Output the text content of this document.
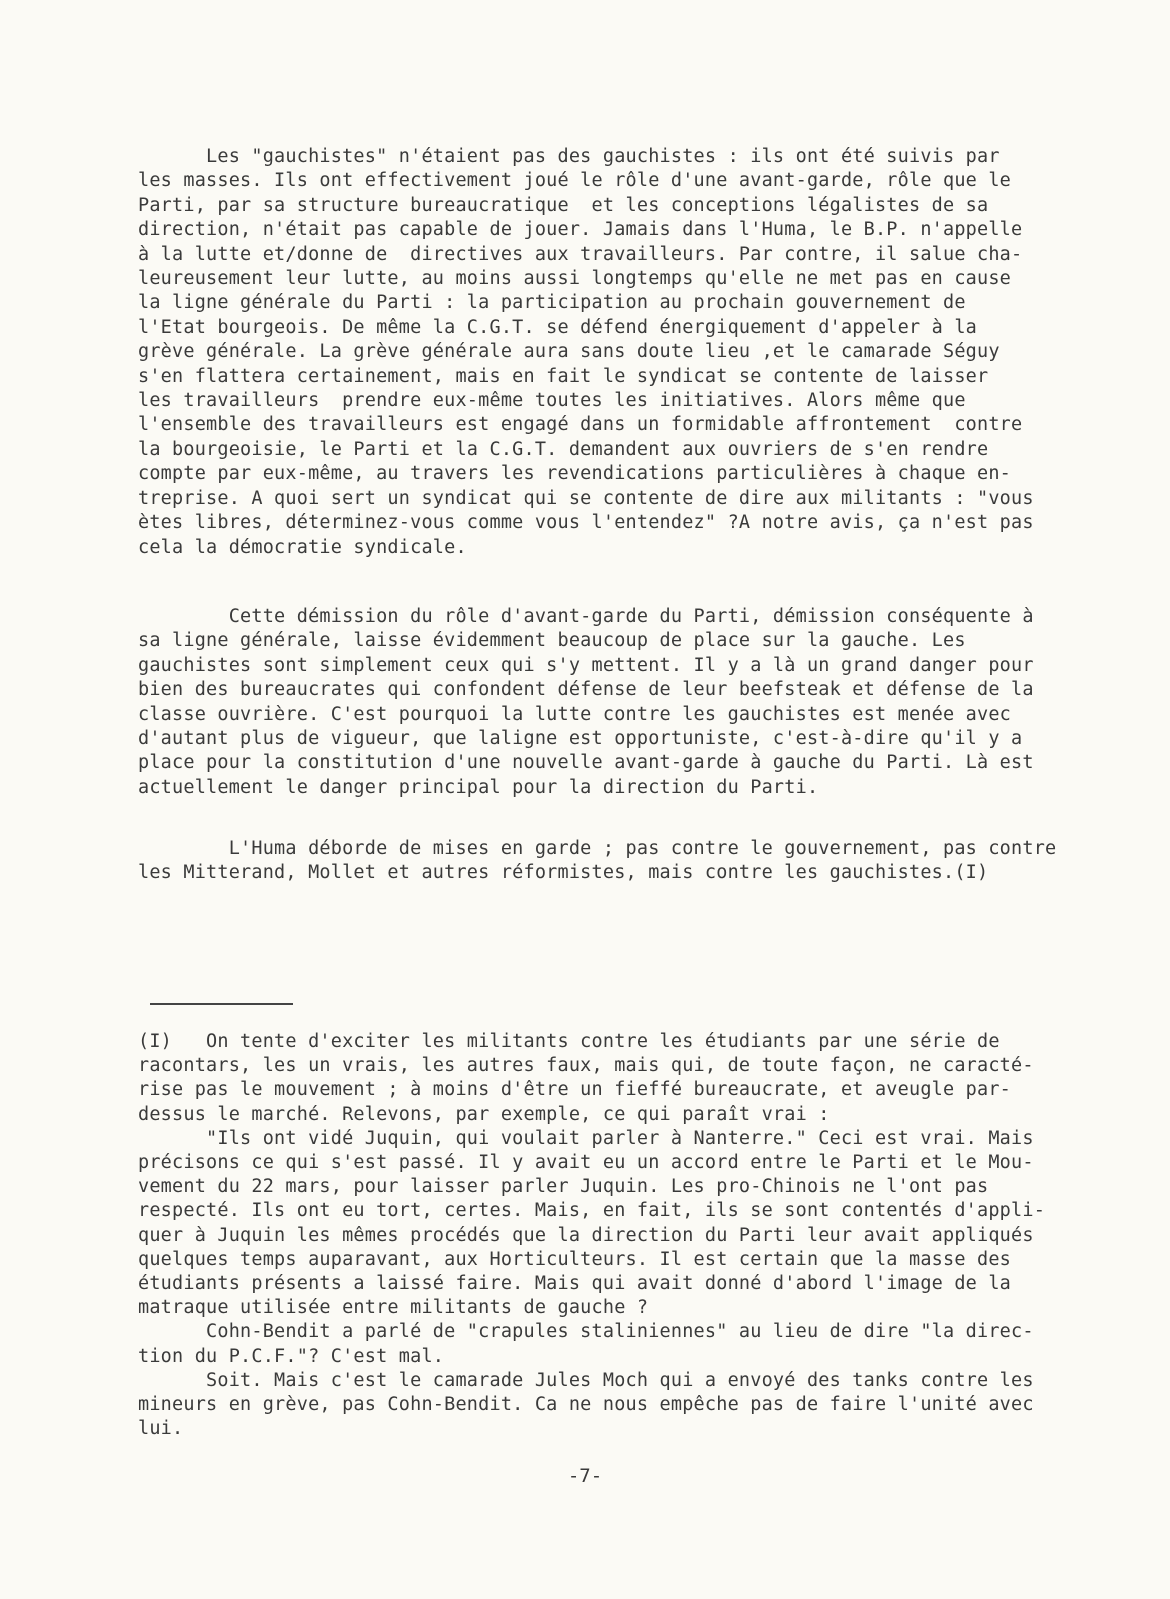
Les "gauchistes" n'étaient pas des gauchistes : ils ont été suivis par
les masses. Ils ont effectivement joué le rôle d'une avant-garde, rôle que le
Parti, par sa structure bureaucratique  et les conceptions légalistes de sa
direction, n'était pas capable de jouer. Jamais dans l'Huma, le B.P. n'appelle
à la lutte et/donne de  directives aux travailleurs. Par contre, il salue cha-
leureusement leur lutte, au moins aussi longtemps qu'elle ne met pas en cause
la ligne générale du Parti : la participation au prochain gouvernement de
l'Etat bourgeois. De même la C.G.T. se défend énergiquement d'appeler à la
grève générale. La grève générale aura sans doute lieu ,et le camarade Séguy
s'en flattera certainement, mais en fait le syndicat se contente de laisser
les travailleurs  prendre eux-même toutes les initiatives. Alors même que
l'ensemble des travailleurs est engagé dans un formidable affrontement  contre
la bourgeoisie, le Parti et la C.G.T. demandent aux ouvriers de s'en rendre
compte par eux-même, au travers les revendications particulières à chaque en-
treprise. A quoi sert un syndicat qui se contente de dire aux militants : "vous
ètes libres, déterminez-vous comme vous l'entendez" ?A notre avis, ça n'est pas
cela la démocratie syndicale.
Cette démission du rôle d'avant-garde du Parti, démission conséquente à
sa ligne générale, laisse évidemment beaucoup de place sur la gauche. Les
gauchistes sont simplement ceux qui s'y mettent. Il y a là un grand danger pour
bien des bureaucrates qui confondent défense de leur beefsteak et défense de la
classe ouvrière. C'est pourquoi la lutte contre les gauchistes est menée avec
d'autant plus de vigueur, que laligne est opportuniste, c'est-à-dire qu'il y a
place pour la constitution d'une nouvelle avant-garde à gauche du Parti. Là est
actuellement le danger principal pour la direction du Parti.
L'Huma déborde de mises en garde ; pas contre le gouvernement, pas contre
les Mitterand, Mollet et autres réformistes, mais contre les gauchistes.(I)
(I)   On tente d'exciter les militants contre les étudiants par une série de
racontars, les un vrais, les autres faux, mais qui, de toute façon, ne caracté-
rise pas le mouvement ; à moins d'être un fieffé bureaucrate, et aveugle par-
dessus le marché. Relevons, par exemple, ce qui paraît vrai :
"Ils ont vidé Juquin, qui voulait parler à Nanterre." Ceci est vrai. Mais
précisons ce qui s'est passé. Il y avait eu un accord entre le Parti et le Mou-
vement du 22 mars, pour laisser parler Juquin. Les pro-Chinois ne l'ont pas
respecté. Ils ont eu tort, certes. Mais, en fait, ils se sont contentés d'appli-
quer à Juquin les mêmes procédés que la direction du Parti leur avait appliqués
quelques temps auparavant, aux Horticulteurs. Il est certain que la masse des
étudiants présents a laissé faire. Mais qui avait donné d'abord l'image de la
matraque utilisée entre militants de gauche ?
Cohn-Bendit a parlé de "crapules staliniennes" au lieu de dire "la direc-
tion du P.C.F."? C'est mal.
Soit. Mais c'est le camarade Jules Moch qui a envoyé des tanks contre les
mineurs en grève, pas Cohn-Bendit. Ca ne nous empêche pas de faire l'unité avec
lui.
-7-
